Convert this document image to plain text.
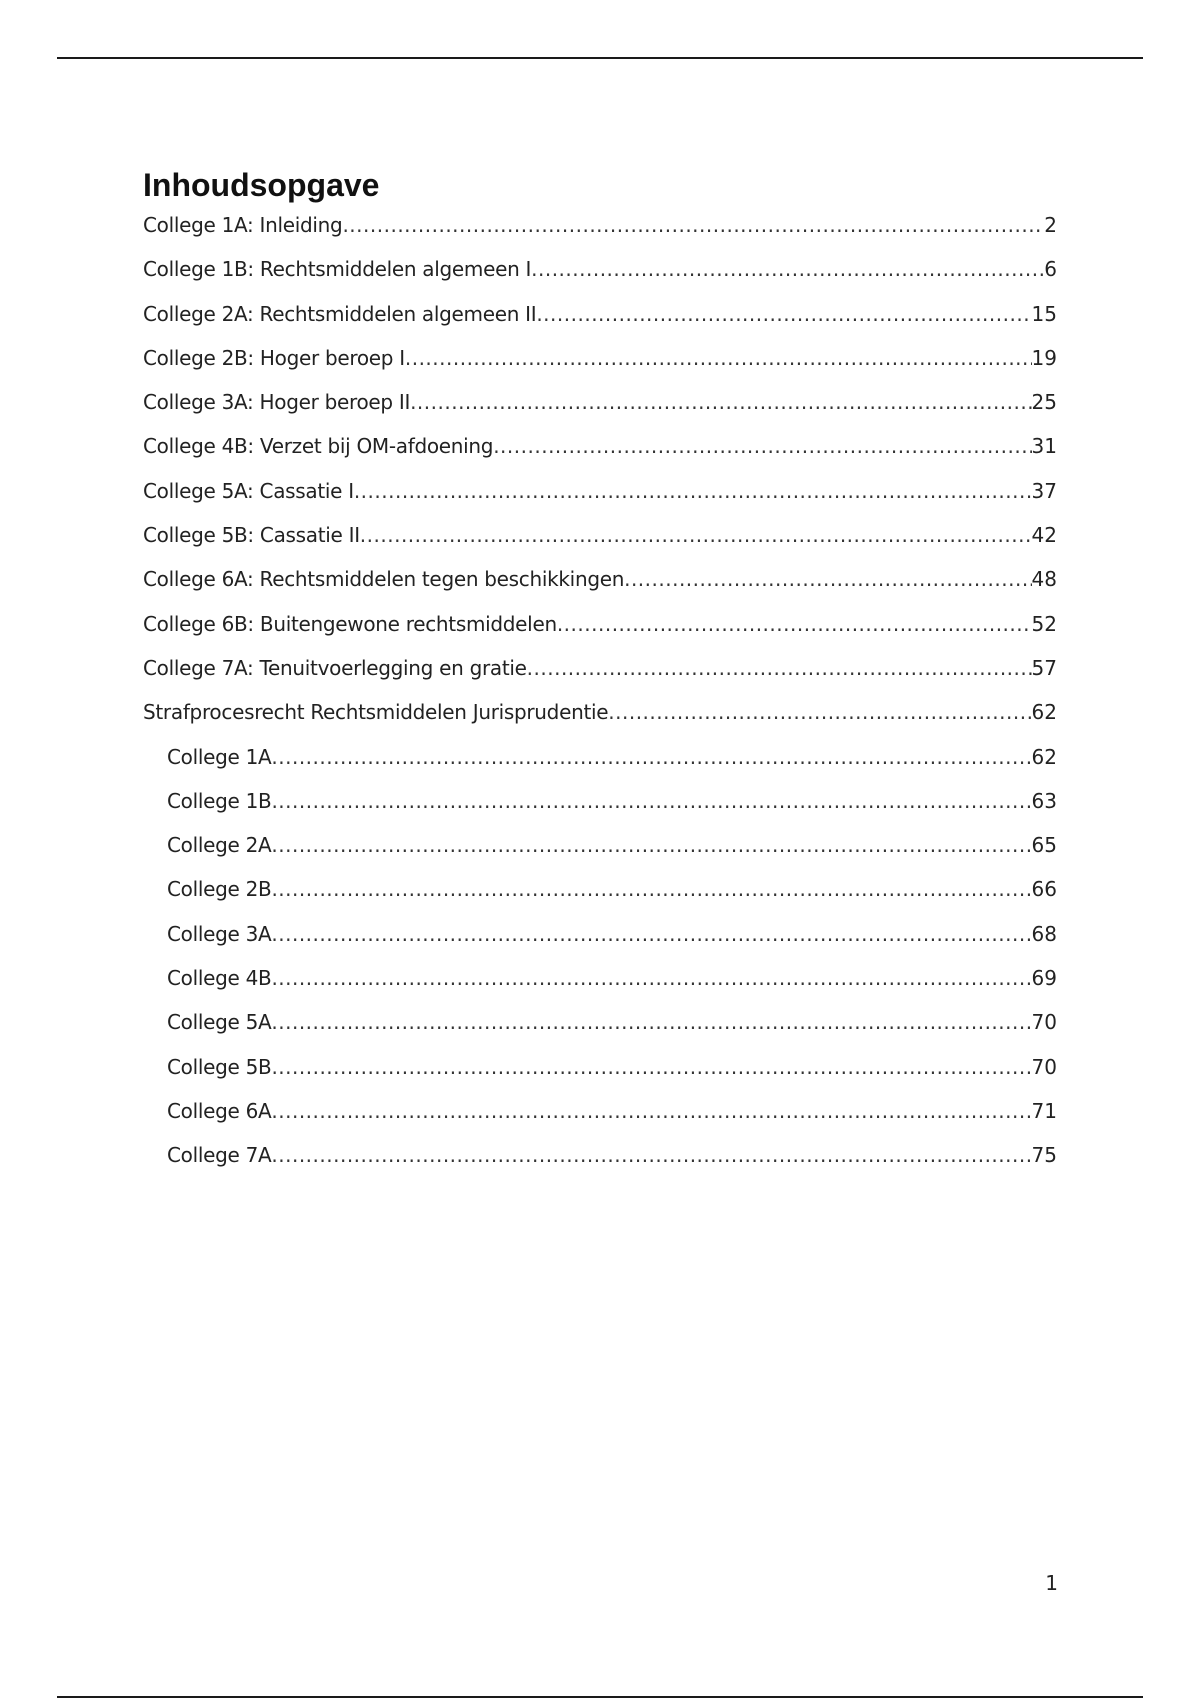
Inhoudsopgave
College 1A: Inleiding .....	2
College 1B: Rechtsmiddelen algemeen I .....	6
College 2A: Rechtsmiddelen algemeen II .....	15
College 2B: Hoger beroep I .....	19
College 3A: Hoger beroep II .....	25
College 4B: Verzet bij OM-afdoening .....	31
College 5A: Cassatie I .....	37
College 5B: Cassatie II .....	42
College 6A: Rechtsmiddelen tegen beschikkingen .....	48
College 6B: Buitengewone rechtsmiddelen .....	52
College 7A: Tenuitvoerlegging en gratie .....	57
Strafprocesrecht Rechtsmiddelen Jurisprudentie .....	62
College 1A .....	62
College 1B .....	63
College 2A .....	65
College 2B .....	66
College 3A .....	68
College 4B .....	69
College 5A .....	70
College 5B .....	70
College 6A .....	71
College 7A .....	75
1
